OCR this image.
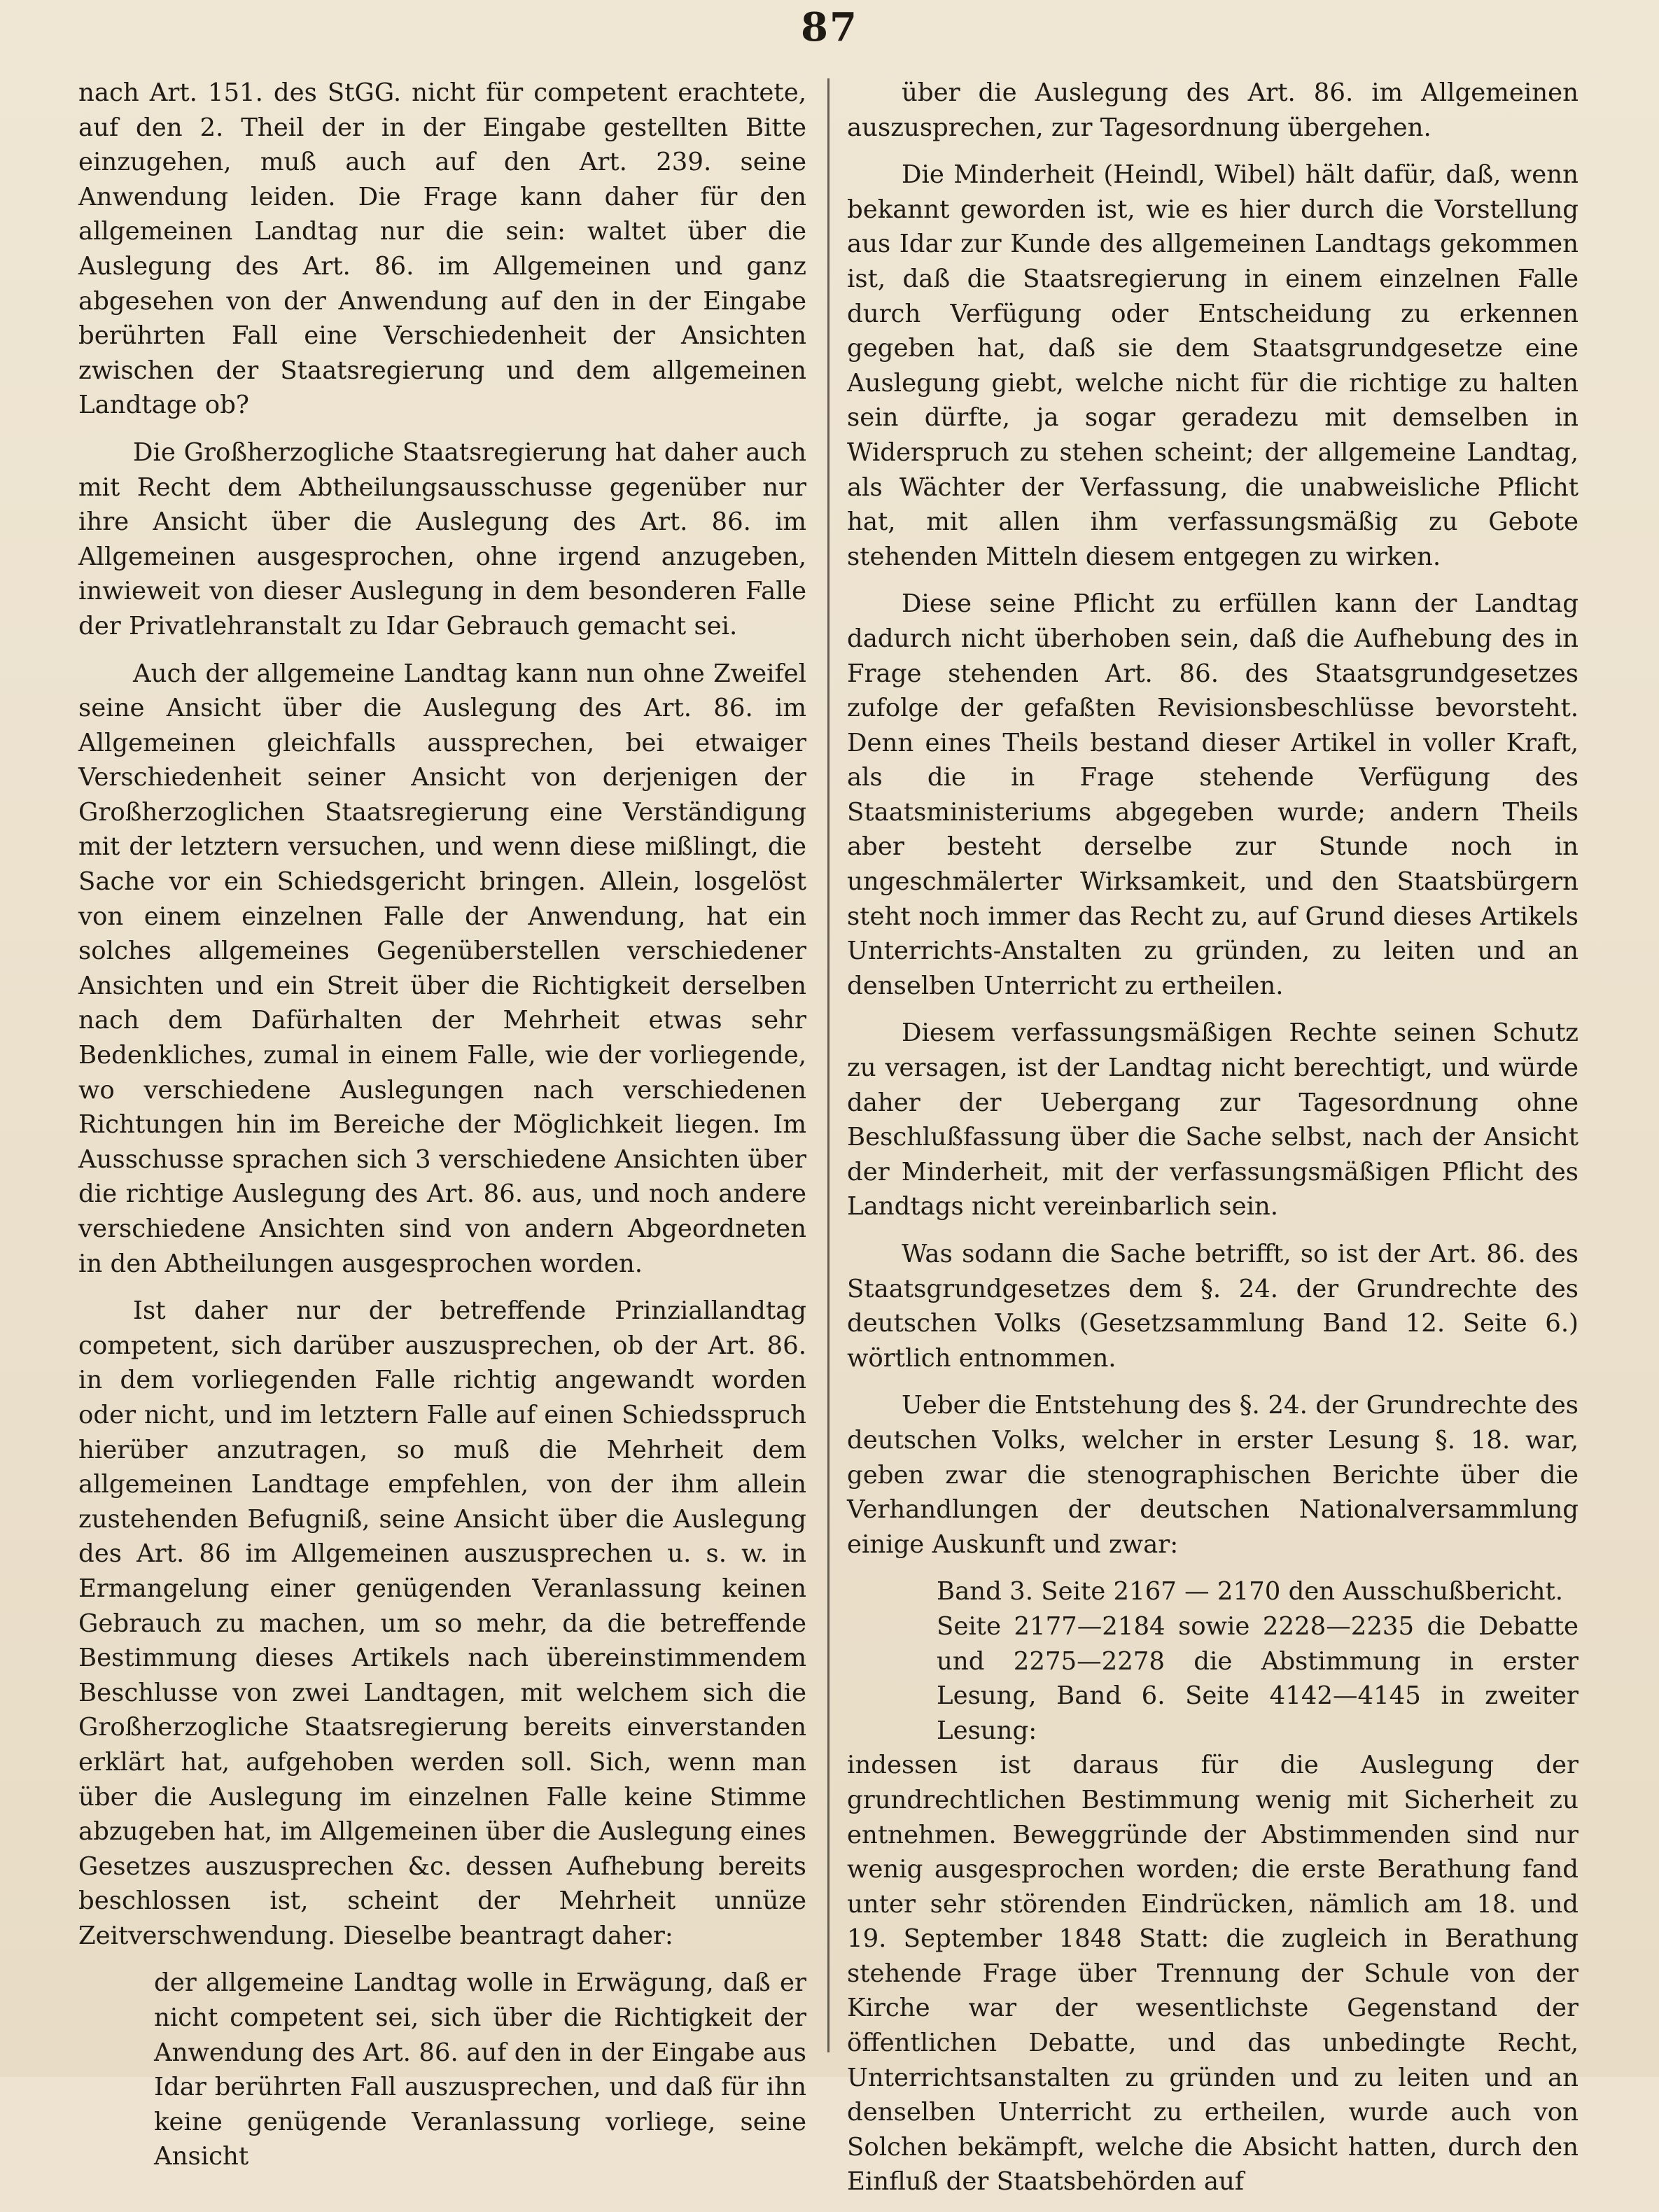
87

nach Art. 151. des StGG. nicht für competent erachtete, auf den 2. Theil der in der Eingabe gestellten Bitte einzugehen, muß auch auf den Art. 239. seine Anwendung leiden. Die Frage kann daher für den allgemeinen Landtag nur die sein: waltet über die Auslegung des Art. 86. im Allgemeinen und ganz abgesehen von der Anwendung auf den in der Eingabe berührten Fall eine Verschiedenheit der Ansichten zwischen der Staatsregierung und dem allgemeinen Landtage ob?

Die Großherzogliche Staatsregierung hat daher auch mit Recht dem Abtheilungsausschusse gegenüber nur ihre Ansicht über die Auslegung des Art. 86. im Allgemeinen ausgesprochen, ohne irgend anzugeben, inwieweit von dieser Auslegung in dem besonderen Falle der Privatlehranstalt zu Idar Gebrauch gemacht sei.

Auch der allgemeine Landtag kann nun ohne Zweifel seine Ansicht über die Auslegung des Art. 86. im Allgemeinen gleichfalls aussprechen, bei etwaiger Verschiedenheit seiner Ansicht von derjenigen der Großherzoglichen Staatsregierung eine Verständigung mit der letztern versuchen, und wenn diese mißlingt, die Sache vor ein Schiedsgericht bringen. Allein, losgelöst von einem einzelnen Falle der Anwendung, hat ein solches allgemeines Gegenüberstellen verschiedener Ansichten und ein Streit über die Richtigkeit derselben nach dem Dafürhalten der Mehrheit etwas sehr Bedenkliches, zumal in einem Falle, wie der vorliegende, wo verschiedene Auslegungen nach verschiedenen Richtungen hin im Bereiche der Möglichkeit liegen. Im Ausschusse sprachen sich 3 verschiedene Ansichten über die richtige Auslegung des Art. 86. aus, und noch andere verschiedene Ansichten sind von andern Abgeordneten in den Abtheilungen ausgesprochen worden.

Ist daher nur der betreffende Prinziallandtag competent, sich darüber auszusprechen, ob der Art. 86. in dem vorliegenden Falle richtig angewandt worden oder nicht, und im letztern Falle auf einen Schiedsspruch hierüber anzutragen, so muß die Mehrheit dem allgemeinen Landtage empfehlen, von der ihm allein zustehenden Befugniß, seine Ansicht über die Auslegung des Art. 86 im Allgemeinen auszusprechen u. s. w. in Ermangelung einer genügenden Veranlassung keinen Gebrauch zu machen, um so mehr, da die betreffende Bestimmung dieses Artikels nach übereinstimmendem Beschlusse von zwei Landtagen, mit welchem sich die Großherzogliche Staatsregierung bereits einverstanden erklärt hat, aufgehoben werden soll. Sich, wenn man über die Auslegung im einzelnen Falle keine Stimme abzugeben hat, im Allgemeinen über die Auslegung eines Gesetzes auszusprechen &c. dessen Aufhebung bereits beschlossen ist, scheint der Mehrheit unnüze Zeitverschwendung. Dieselbe beantragt daher:

der allgemeine Landtag wolle in Erwägung, daß er nicht competent sei, sich über die Richtigkeit der Anwendung des Art. 86. auf den in der Eingabe aus Idar berührten Fall auszusprechen, und daß für ihn keine genügende Veranlassung vorliege, seine Ansicht

über die Auslegung des Art. 86. im Allgemeinen auszusprechen, zur Tagesordnung übergehen.

Die Minderheit (Heindl, Wibel) hält dafür, daß, wenn bekannt geworden ist, wie es hier durch die Vorstellung aus Idar zur Kunde des allgemeinen Landtags gekommen ist, daß die Staatsregierung in einem einzelnen Falle durch Verfügung oder Entscheidung zu erkennen gegeben hat, daß sie dem Staatsgrundgesetze eine Auslegung giebt, welche nicht für die richtige zu halten sein dürfte, ja sogar geradezu mit demselben in Widerspruch zu stehen scheint; der allgemeine Landtag, als Wächter der Verfassung, die unabweisliche Pflicht hat, mit allen ihm verfassungsmäßig zu Gebote stehenden Mitteln diesem entgegen zu wirken.

Diese seine Pflicht zu erfüllen kann der Landtag dadurch nicht überhoben sein, daß die Aufhebung des in Frage stehenden Art. 86. des Staatsgrundgesetzes zufolge der gefaßten Revisionsbeschlüsse bevorsteht. Denn eines Theils bestand dieser Artikel in voller Kraft, als die in Frage stehende Verfügung des Staatsministeriums abgegeben wurde; andern Theils aber besteht derselbe zur Stunde noch in ungeschmälerter Wirksamkeit, und den Staatsbürgern steht noch immer das Recht zu, auf Grund dieses Artikels Unterrichts-Anstalten zu gründen, zu leiten und an denselben Unterricht zu ertheilen.

Diesem verfassungsmäßigen Rechte seinen Schutz zu versagen, ist der Landtag nicht berechtigt, und würde daher der Uebergang zur Tagesordnung ohne Beschlußfassung über die Sache selbst, nach der Ansicht der Minderheit, mit der verfassungsmäßigen Pflicht des Landtags nicht vereinbarlich sein.

Was sodann die Sache betrifft, so ist der Art. 86. des Staatsgrundgesetzes dem §. 24. der Grundrechte des deutschen Volks (Gesetzsammlung Band 12. Seite 6.) wörtlich entnommen.

Ueber die Entstehung des §. 24. der Grundrechte des deutschen Volks, welcher in erster Lesung §. 18. war, geben zwar die stenographischen Berichte über die Verhandlungen der deutschen Nationalversammlung einige Auskunft und zwar:

Band 3. Seite 2167 — 2170 den Ausschußbericht.

Seite 2177—2184 sowie 2228—2235 die Debatte und 2275—2278 die Abstimmung in erster Lesung, Band 6. Seite 4142—4145 in zweiter Lesung:

indessen ist daraus für die Auslegung der grundrechtlichen Bestimmung wenig mit Sicherheit zu entnehmen. Beweggründe der Abstimmenden sind nur wenig ausgesprochen worden; die erste Berathung fand unter sehr störenden Eindrücken, nämlich am 18. und 19. September 1848 Statt: die zugleich in Berathung stehende Frage über Trennung der Schule von der Kirche war der wesentlichste Gegenstand der öffentlichen Debatte, und das unbedingte Recht, Unterrichtsanstalten zu gründen und zu leiten und an denselben Unterricht zu ertheilen, wurde auch von Solchen bekämpft, welche die Absicht hatten, durch den Einfluß der Staatsbehörden auf
